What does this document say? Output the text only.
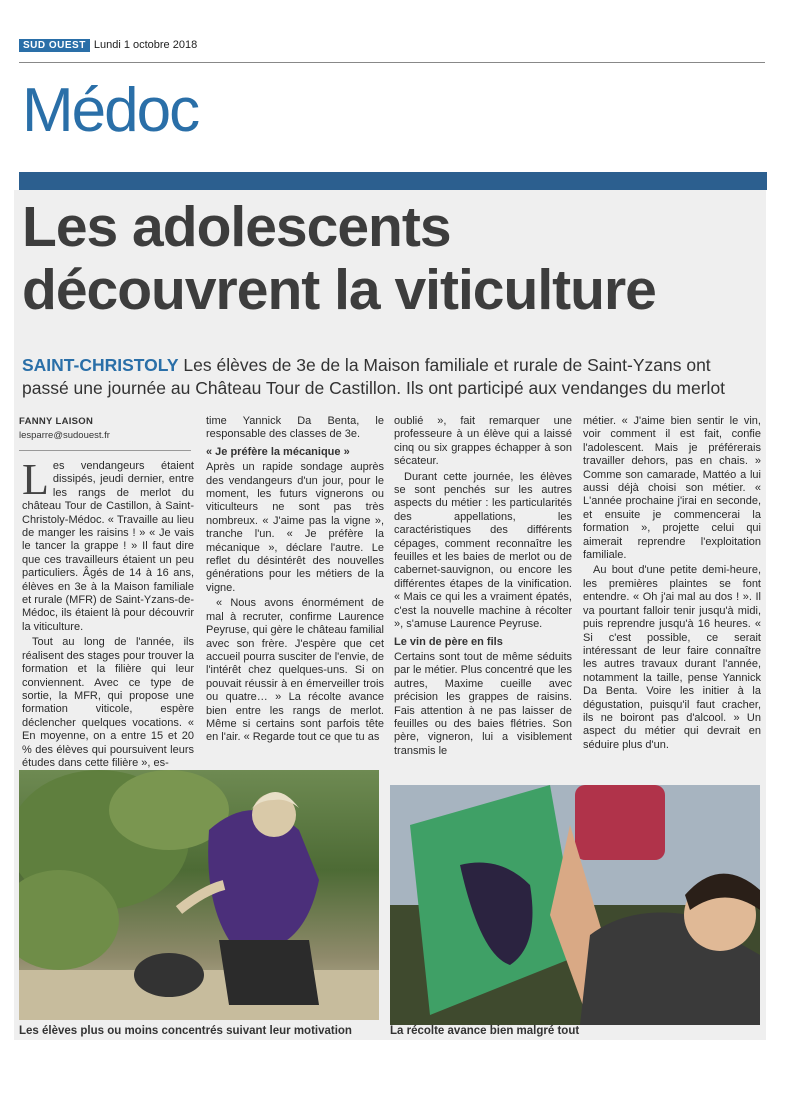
SUD OUEST Lundi 1 octobre 2018
Médoc
Les adolescents découvrent la viticulture

SAINT-CHRISTOLY Les élèves de 3e de la Maison familiale et rurale de Saint-Yzans ont passé une journée au Château Tour de Castillon. Ils ont participé aux vendanges du merlot

FANNY LAISON
lesparre@sudouest.fr

Les vendangeurs étaient dissipés, jeudi dernier, entre les rangs de merlot du château Tour de Castillon, à Saint-Christoly-Médoc. « Travaille au lieu de manger les raisins ! » « Je vais le tancer la grappe ! » Il faut dire que ces travailleurs étaient un peu particuliers. Âgés de 14 à 16 ans, élèves en 3e à la Maison familiale et rurale (MFR) de Saint-Yzans-de-Médoc, ils étaient là pour découvrir la viticulture.

Tout au long de l'année, ils réalisent des stages pour trouver la formation et la filière qui leur conviennent. Avec ce type de sortie, la MFR, qui propose une formation viticole, espère déclencher quelques vocations. « En moyenne, on a entre 15 et 20 % des élèves qui poursuivent leurs études dans cette filière », es-

time Yannick Da Benta, le responsable des classes de 3e.

« Je préfère la mécanique »

Après un rapide sondage auprès des vendangeurs d'un jour, pour le moment, les futurs vignerons ou viticulteurs ne sont pas très nombreux. « J'aime pas la vigne », tranche l'un. « Je préfère la mécanique », déclare l'autre. Le reflet du désintérêt des nouvelles générations pour les métiers de la vigne.

« Nous avons énormément de mal à recruter, confirme Laurence Peyruse, qui gère le château familial avec son frère. J'espère que cet accueil pourra susciter de l'envie, de l'intérêt chez quelques-uns. Si on pouvait réussir à en émerveiller trois ou quatre… » La récolte avance bien entre les rangs de merlot. Même si certains sont parfois tête en l'air. « Regarde tout ce que tu as

oublié », fait remarquer une professeure à un élève qui a laissé cinq ou six grappes échapper à son sécateur.

Durant cette journée, les élèves se sont penchés sur les autres aspects du métier : les particularités des appellations, les caractéristiques des différents cépages, comment reconnaître les feuilles et les baies de merlot ou de cabernet-sauvignon, ou encore les différentes étapes de la vinification. « Mais ce qui les a vraiment épatés, c'est la nouvelle machine à récolter », s'amuse Laurence Peyruse.

Le vin de père en fils

Certains sont tout de même séduits par le métier. Plus concentré que les autres, Maxime cueille avec précision les grappes de raisins. Fais attention à ne pas laisser de feuilles ou des baies flétries. Son père, vigneron, lui a visiblement transmis le

métier. « J'aime bien sentir le vin, voir comment il est fait, confie l'adolescent. Mais je préférerais travailler dehors, pas en chais. » Comme son camarade, Mattéo a lui aussi déjà choisi son métier. « L'année prochaine j'irai en seconde, et ensuite je commencerai la formation », projette celui qui aimerait reprendre l'exploitation familiale.

Au bout d'une petite demi-heure, les premières plaintes se font entendre. « Oh j'ai mal au dos ! ». Il va pourtant falloir tenir jusqu'à midi, puis reprendre jusqu'à 16 heures. « Si c'est possible, ce serait intéressant de leur faire connaître les autres travaux durant l'année, notamment la taille, pense Yannick Da Benta. Voire les initier à la dégustation, puisqu'il faut cracher, ils ne boiront pas d'alcool. » Un aspect du métier qui devrait en séduire plus d'un.

Les élèves plus ou moins concentrés suivant leur motivation	La récolte avance bien malgré tout
